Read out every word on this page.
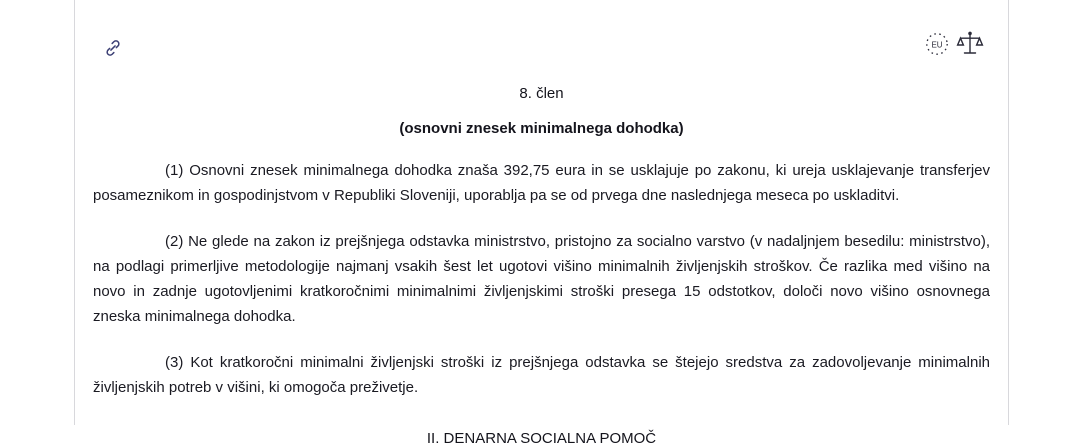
EU
8. člen
(osnovni znesek minimalnega dohodka)

(1) Osnovni znesek minimalnega dohodka znaša 392,75 eura in se usklajuje po zakonu, ki ureja usklajevanje transferjev posameznikom in gospodinjstvom v Republiki Sloveniji, uporablja pa se od prvega dne naslednjega meseca po uskladitvi.

(2) Ne glede na zakon iz prejšnjega odstavka ministrstvo, pristojno za socialno varstvo (v nadaljnjem besedilu: ministrstvo), na podlagi primerljive metodologije najmanj vsakih šest let ugotovi višino minimalnih življenjskih stroškov. Če razlika med višino na novo in zadnje ugotovljenimi kratkoročnimi minimalnimi življenjskimi stroški presega 15 odstotkov, določi novo višino osnovnega zneska minimalnega dohodka.

(3) Kot kratkoročni minimalni življenjski stroški iz prejšnjega odstavka se štejejo sredstva za zadovoljevanje minimalnih življenjskih potreb v višini, ki omogoča preživetje.

II. DENARNA SOCIALNA POMOČ
